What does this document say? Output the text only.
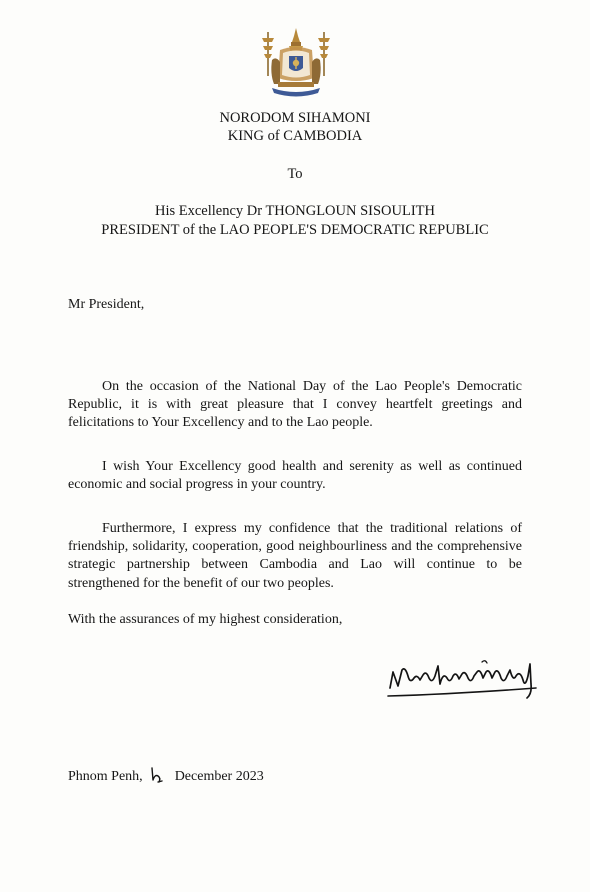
NORODOM SIHAMONI
KING of CAMBODIA
To
His Excellency Dr THONGLOUN SISOULITH
PRESIDENT of the LAO PEOPLE'S DEMOCRATIC REPUBLIC
Mr President,
On the occasion of the National Day of the Lao People's Democratic Republic, it is with great pleasure that I convey heartfelt greetings and felicitations to Your Excellency and to the Lao people.
I wish Your Excellency good health and serenity as well as continued economic and social progress in your country.
Furthermore, I express my confidence that the traditional relations of friendship, solidarity, cooperation, good neighbourliness and the comprehensive strategic partnership between Cambodia and Lao will continue to be strengthened for the benefit of our two peoples.
With the assurances of my highest consideration,
Phnom Penh, December 2023
